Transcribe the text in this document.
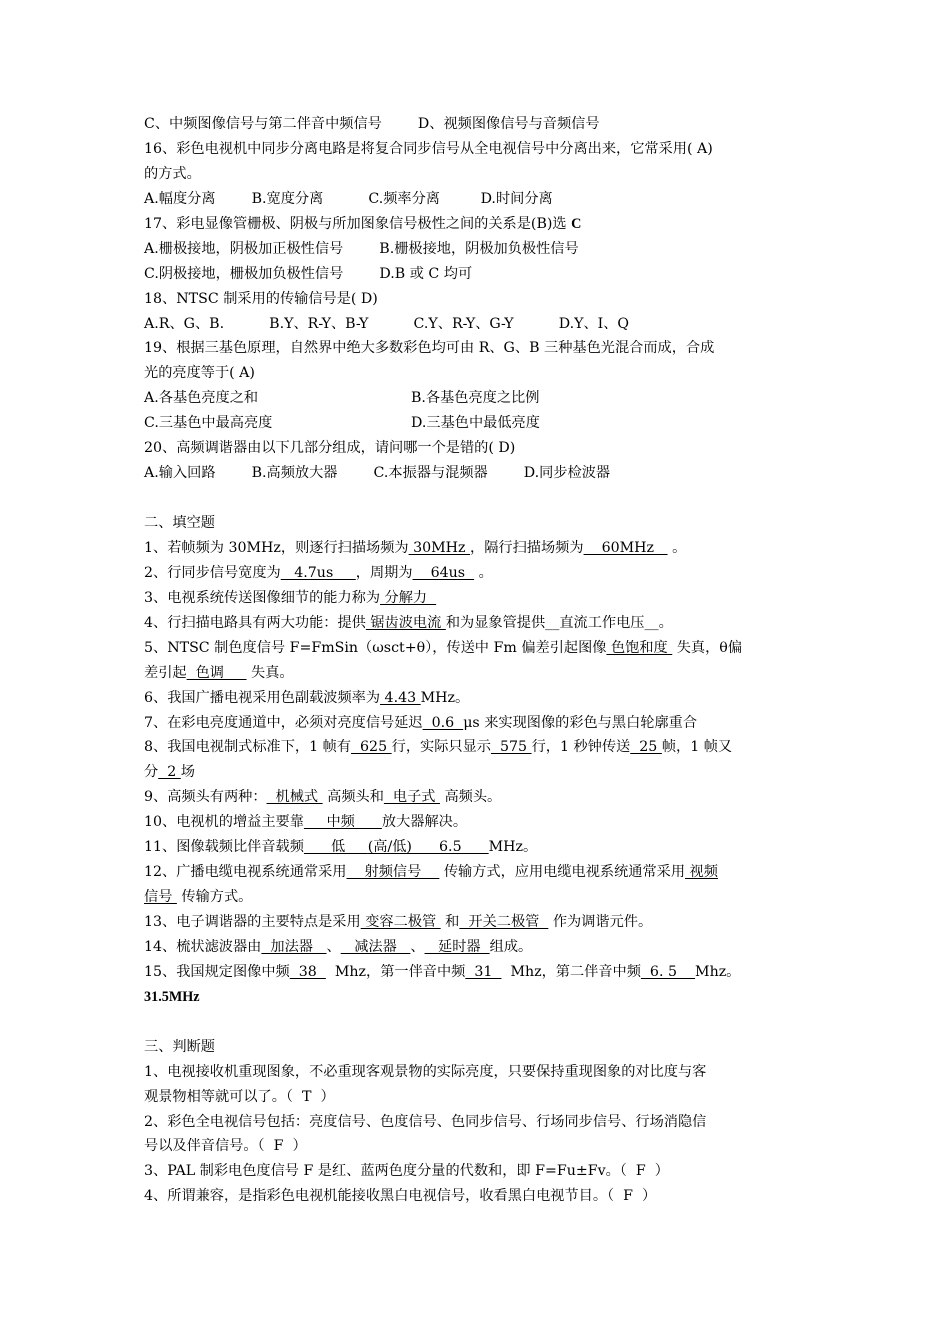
C、中频图像信号与第二伴音中频信号        D、视频图像信号与音频信号
16、彩色电视机中同步分离电路是将复合同步信号从全电视信号中分离出来，它常采用( A)
的方式。
A.幅度分离        B.宽度分离          C.频率分离         D.时间分离
17、彩电显像管栅极、阴极与所加图象信号极性之间的关系是(B)选 C
A.栅极接地，阴极加正极性信号        B.栅极接地，阴极加负极性信号
C.阴极接地，栅极加负极性信号        D.B 或 C 均可
18、NTSC 制采用的传输信号是( D)
A.R、G、B.          B.Y、R-Y、B-Y          C.Y、R-Y、G-Y          D.Y、I、Q
19、根据三基色原理，自然界中绝大多数彩色均可由 R、G、B 三种基色光混合而成，合成
光的亮度等于( A)
A.各基色亮度之和	B.各基色亮度之比例
C.三基色中最高亮度	D.三基色中最低亮度
20、高频调谐器由以下几部分组成，请问哪一个是错的( D)
A.输入回路        B.高频放大器        C.本振器与混频器        D.同步检波器
二、填空题
1、若帧频为 30MHz，则逐行扫描场频为 30MHz ，隔行扫描场频为    60MHz    。
2、行同步信号宽度为   4.7us     ，周期为    64us   。
3、电视系统传送图像细节的能力称为 分解力
4、行扫描电路具有两大功能：提供 锯齿波电流 和为显象管提供__直流工作电压__。
5、NTSC 制色度信号 F=FmSin（ωsct+θ），传送中 Fm 偏差引起图像 色饱和度  失真，θ偏
差引起  色调      失真。
6、我国广播电视采用色副载波频率为 4.43 MHz。
7、在彩电亮度通道中，必须对亮度信号延迟  0.6  μs 来实现图像的彩色与黑白轮廓重合
8、我国电视制式标准下，1 帧有  625 行，实际只显示  575 行，1 秒钟传送  25 帧，1 帧又
分  2 场
9、高频头有两种：  机械式  高频头和  电子式  高频头。
10、电视机的增益主要靠     中频      放大器解决。
11、图像载频比伴音载频      低     (高/低)      6.5      MHz。
12、广播电缆电视系统通常采用    射频信号     传输方式，应用电缆电视系统通常采用 视频
信号  传输方式。
13、电子调谐器的主要特点是采用 变容二极管  和  开关二极管   作为调谐元件。
14、梳状滤波器由  加法器   、   减法器   、   延时器  组成。
15、我国规定图像中频  38    Mhz，第一伴音中频  31    Mhz，第二伴音中频  6. 5    Mhz。
31.5MHz
三、判断题
1、电视接收机重现图象，不必重现客观景物的实际亮度，只要保持重现图象的对比度与客
观景物相等就可以了。（  T  ）
2、彩色全电视信号包括：亮度信号、色度信号、色同步信号、行场同步信号、行场消隐信
号以及伴音信号。（  F  ）
3、PAL 制彩电色度信号 F 是红、蓝两色度分量的代数和，即 F=Fu±Fv。（  F  ）
4、所谓兼容，是指彩色电视机能接收黑白电视信号，收看黑白电视节目。（  F  ）
